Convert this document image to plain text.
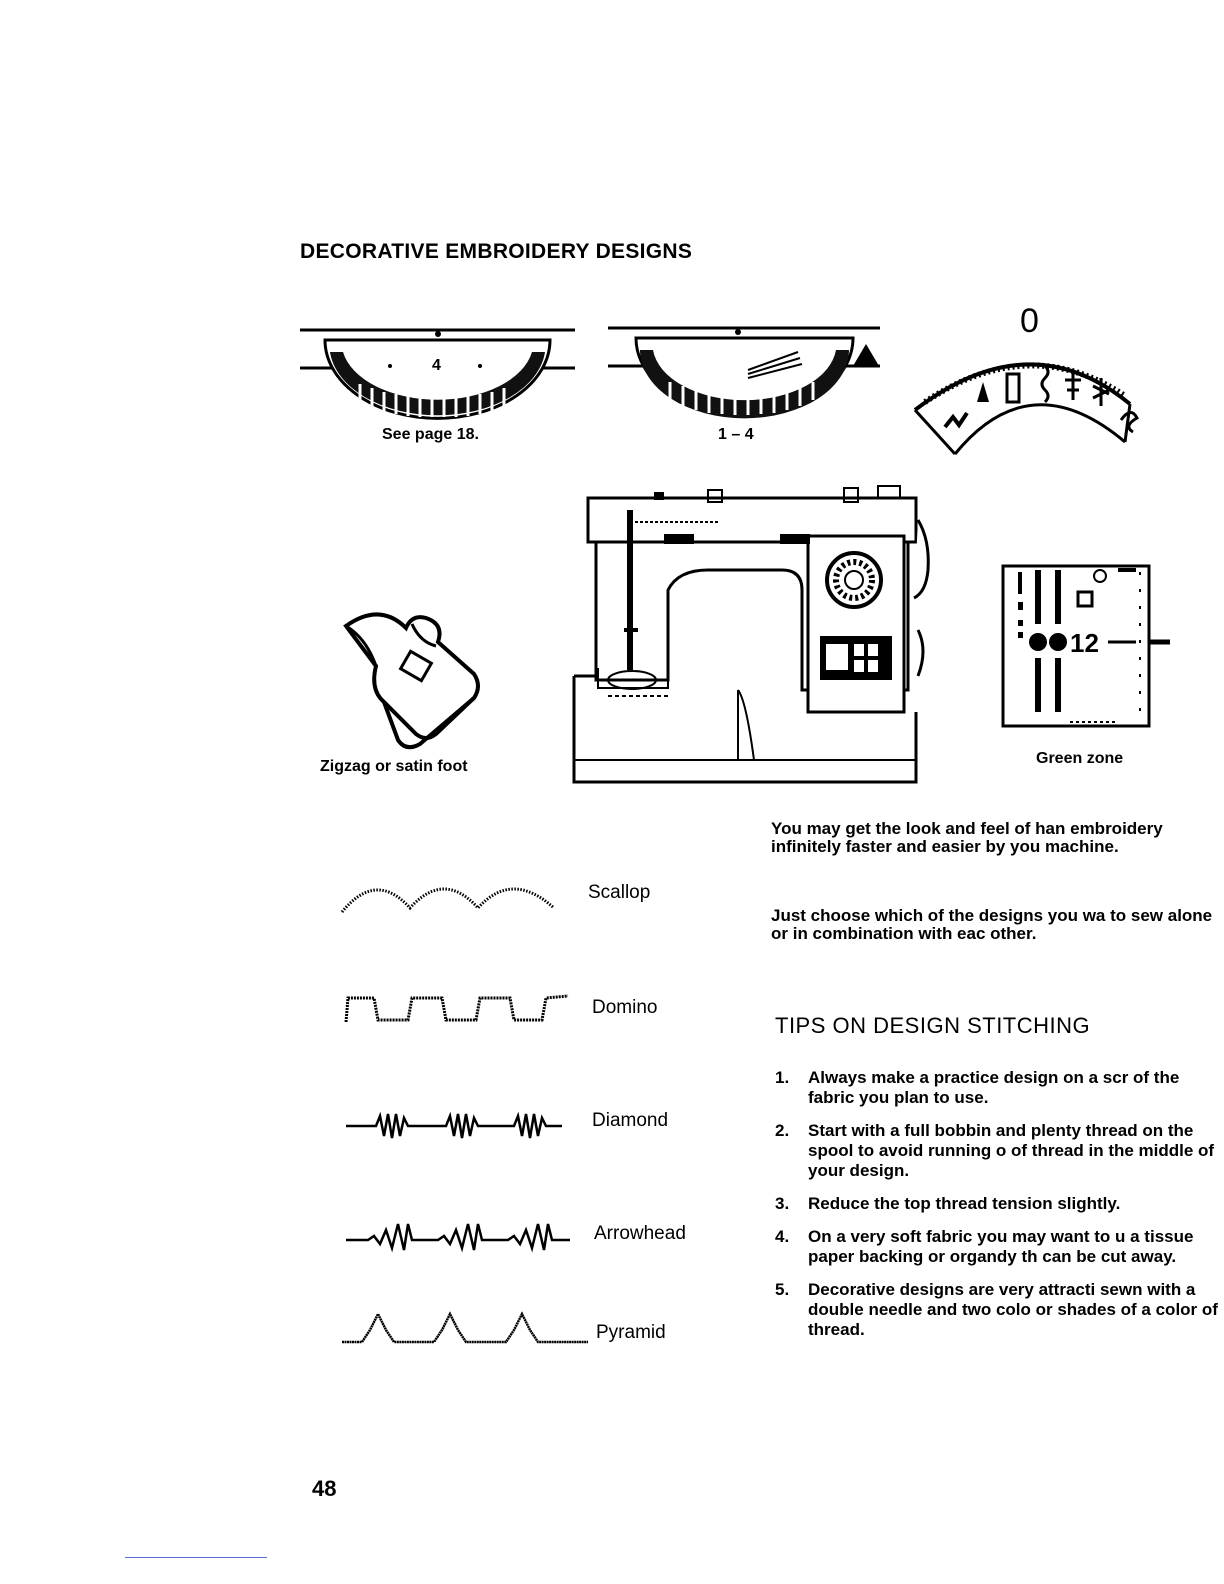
DECORATIVE EMBROIDERY DESIGNS
4
See page 18.	1 – 4
0
Zigzag or satin foot
12
Green zone
Scallop
Domino
Diamond
Arrowhead
Pyramid
You may get the look and feel of han embroidery infinitely faster and easier by you machine.
Just choose which of the designs you wa to sew alone or in combination with eac other.
TIPS ON DESIGN STITCHING
1. Always make a practice design on a scr of the fabric you plan to use.
2. Start with a full bobbin and plenty thread on the spool to avoid running o of thread in the middle of your design.
3. Reduce the top thread tension slightly.
4. On a very soft fabric you may want to u a tissue paper backing or organdy th can be cut away.
5. Decorative designs are very attracti sewn with a double needle and two colo or shades of a color of thread.
48
